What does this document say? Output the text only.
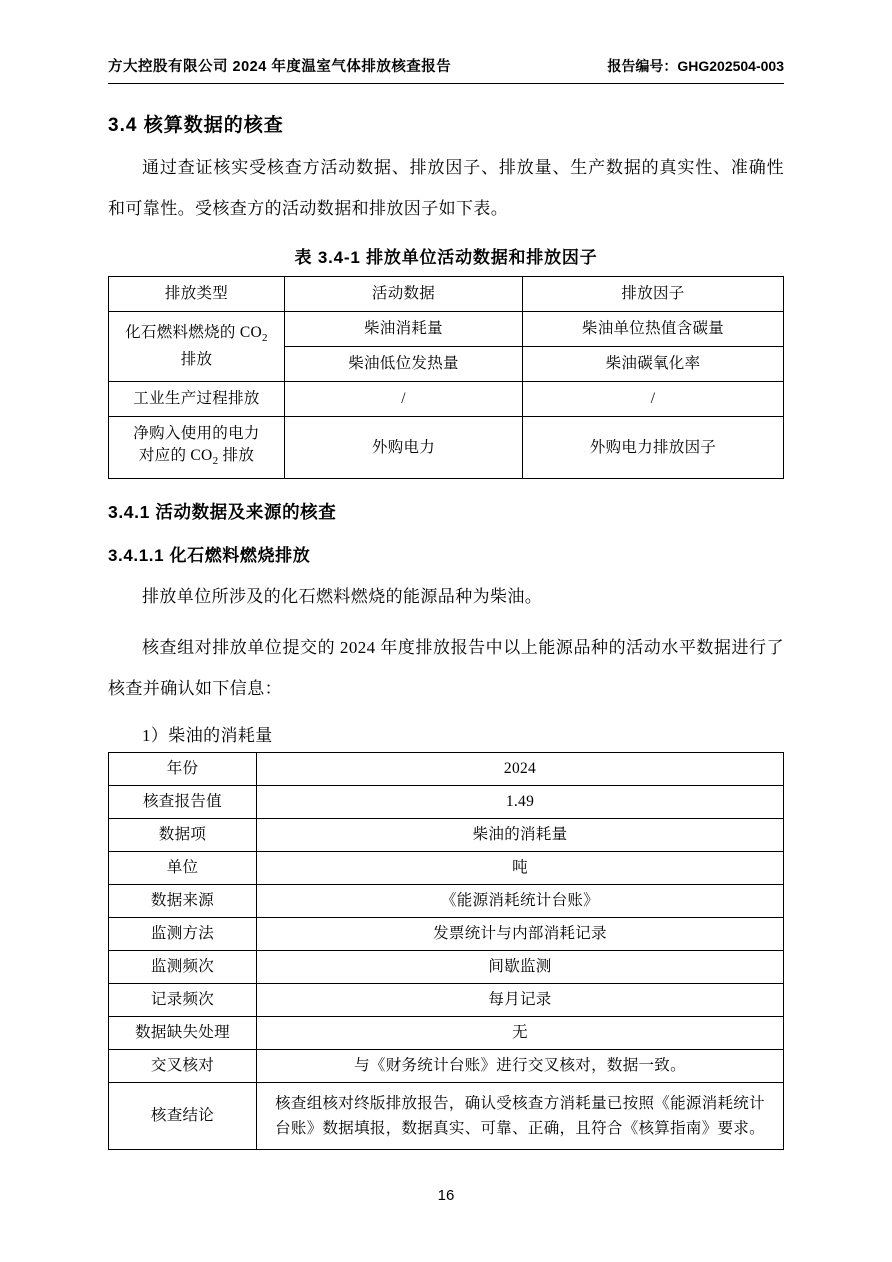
方大控股有限公司 2024 年度温室气体排放核查报告	报告编号：GHG202504-003
3.4 核算数据的核查

通过查证核实受核查方活动数据、排放因子、排放量、生产数据的真实性、准确性和可靠性。受核查方的活动数据和排放因子如下表。

表 3.4-1 排放单位活动数据和排放因子
排放类型	活动数据	排放因子
化石燃料燃烧的 $CO_2$
排放	柴油消耗量	柴油单位热值含碳量
	柴油低位发热量	柴油碳氧化率
工业生产过程排放	/	/
净购入使用的电力
对应的 $CO_2$ 排放	外购电力	外购电力排放因子
3.4.1 活动数据及来源的核查
3.4.1.1 化石燃料燃烧排放

排放单位所涉及的化石燃料燃烧的能源品种为柴油。

核查组对排放单位提交的 2024 年度排放报告中以上能源品种的活动水平数据进行了核查并确认如下信息：

1）柴油的消耗量
年份	2024
核查报告值	1.49
数据项	柴油的消耗量
单位	吨
数据来源	《能源消耗统计台账》
监测方法	发票统计与内部消耗记录
监测频次	间歇监测
记录频次	每月记录
数据缺失处理	无
交叉核对	与《财务统计台账》进行交叉核对，数据一致。
核查结论	核查组核对终版排放报告，确认受核查方消耗量已按照《能源消耗统计台账》数据填报，数据真实、可靠、正确，且符合《核算指南》要求。
16
